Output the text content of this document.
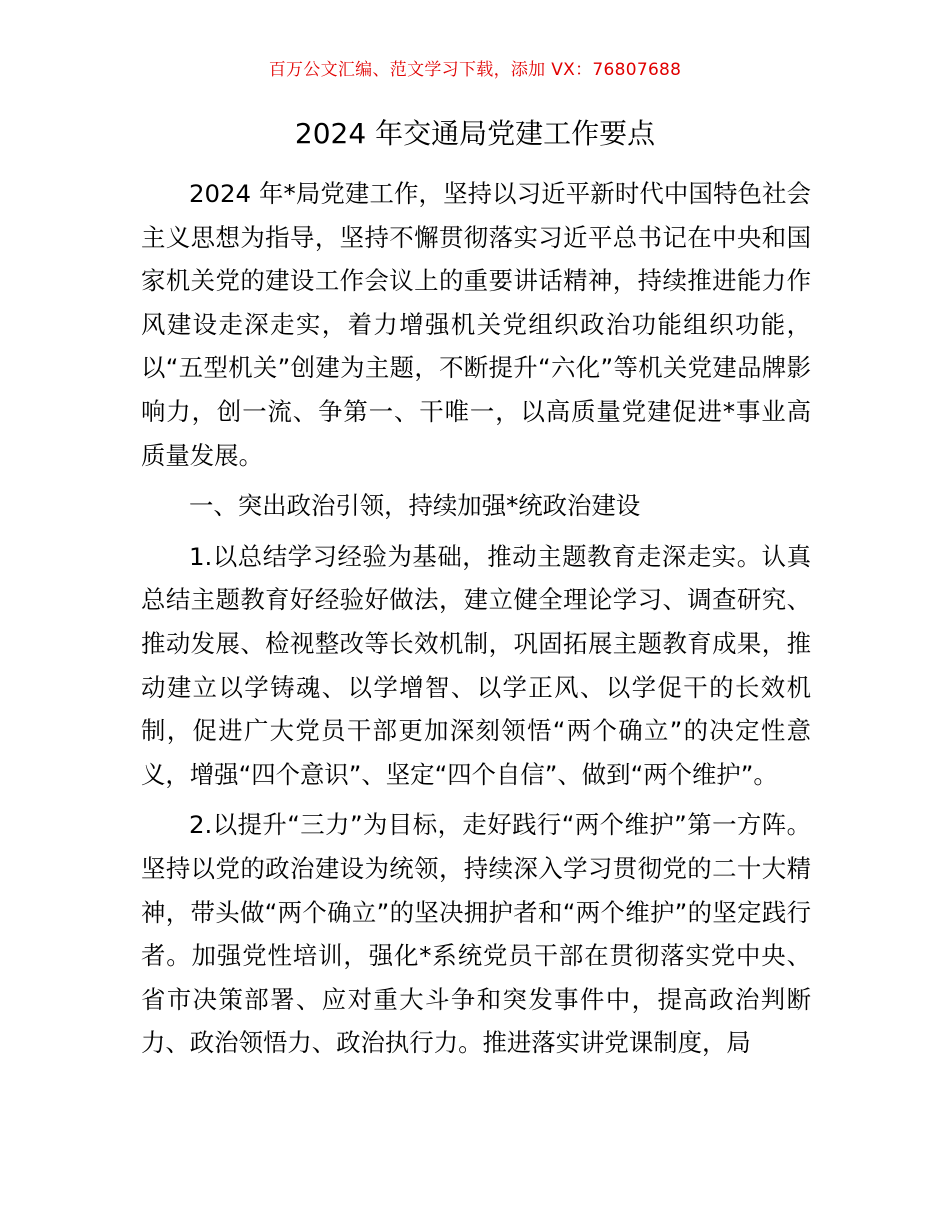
百万公文汇编、范文学习下载，添加 VX：76807688
2024 年交通局党建工作要点

2024 年*局党建工作，坚持以习近平新时代中国特色社会主义思想为指导，坚持不懈贯彻落实习近平总书记在中央和国家机关党的建设工作会议上的重要讲话精神，持续推进能力作风建设走深走实，着力增强机关党组织政治功能组织功能，以“五型机关”创建为主题，不断提升“六化”等机关党建品牌影响力，创一流、争第一、干唯一，以高质量党建促进*事业高质量发展。

一、突出政治引领，持续加强*统政治建设

1.以总结学习经验为基础，推动主题教育走深走实。认真总结主题教育好经验好做法，建立健全理论学习、调查研究、推动发展、检视整改等长效机制，巩固拓展主题教育成果，推动建立以学铸魂、以学增智、以学正风、以学促干的长效机制，促进广大党员干部更加深刻领悟“两个确立”的决定性意义，增强“四个意识”、坚定“四个自信”、做到“两个维护”。

2.以提升“三力”为目标，走好践行“两个维护”第一方阵。坚持以党的政治建设为统领，持续深入学习贯彻党的二十大精神，带头做“两个确立”的坚决拥护者和“两个维护”的坚定践行者。加强党性培训，强化*系统党员干部在贯彻落实党中央、省市决策部署、应对重大斗争和突发事件中，提高政治判断力、政治领悟力、政治执行力。推进落实讲党课制度，局
